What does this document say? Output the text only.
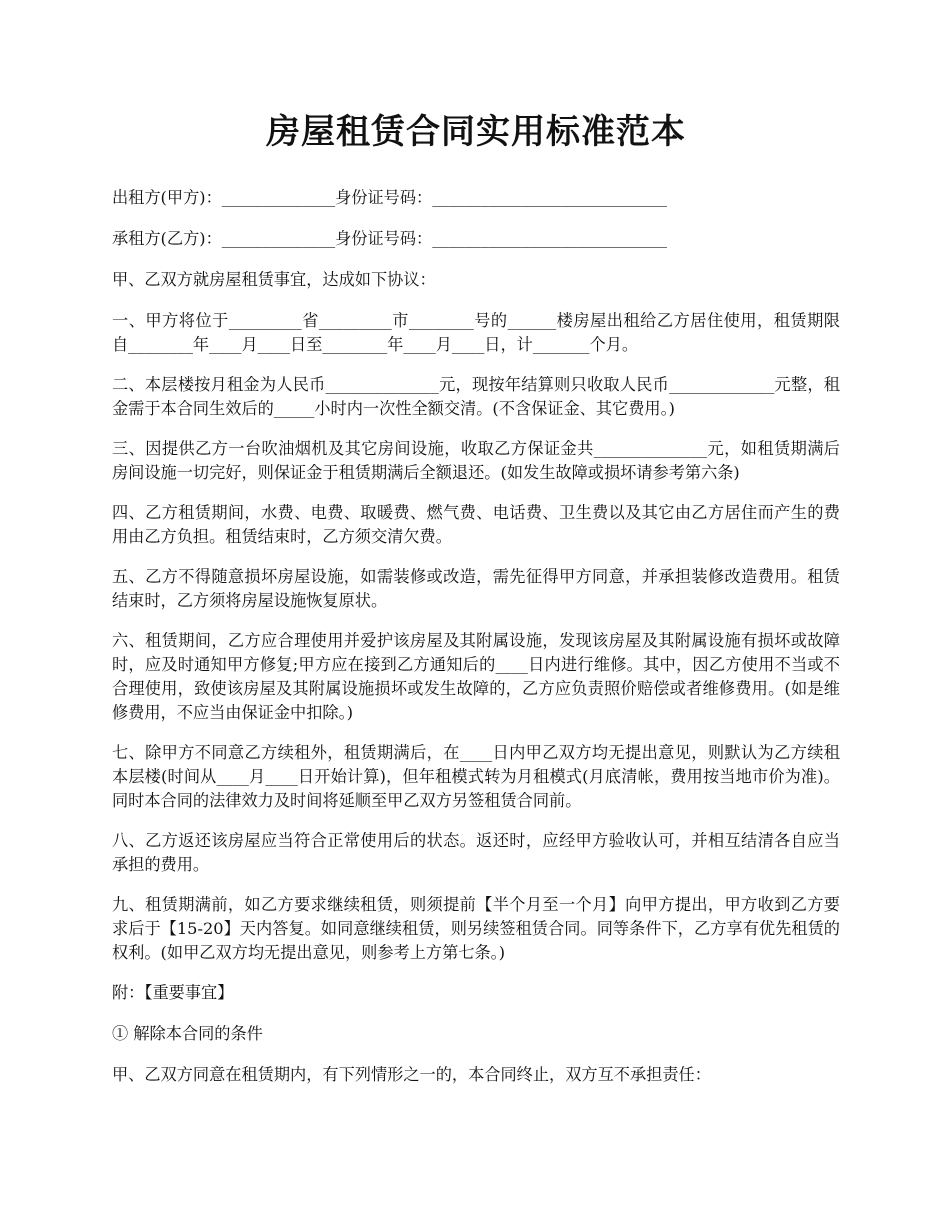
房屋租赁合同实用标准范本

出租方(甲方)：______________身份证号码：_____________________________

承租方(乙方)：______________身份证号码：_____________________________

甲、乙双方就房屋租赁事宜，达成如下协议：

一、甲方将位于_________省_________市________号的______楼房屋出租给乙方居住使用，租赁期限自________年____月____日至________年____月____日，计_______个月。

二、本层楼按月租金为人民币______________元，现按年结算则只收取人民币_____________元整，租金需于本合同生效后的_____小时内一次性全额交清。(不含保证金、其它费用。)

三、因提供乙方一台吹油烟机及其它房间设施，收取乙方保证金共______________元，如租赁期满后房间设施一切完好，则保证金于租赁期满后全额退还。(如发生故障或损坏请参考第六条)

四、乙方租赁期间，水费、电费、取暖费、燃气费、电话费、卫生费以及其它由乙方居住而产生的费用由乙方负担。租赁结束时，乙方须交清欠费。

五、乙方不得随意损坏房屋设施，如需装修或改造，需先征得甲方同意，并承担装修改造费用。租赁结束时，乙方须将房屋设施恢复原状。

六、租赁期间，乙方应合理使用并爱护该房屋及其附属设施，发现该房屋及其附属设施有损坏或故障时，应及时通知甲方修复;甲方应在接到乙方通知后的____日内进行维修。其中，因乙方使用不当或不合理使用，致使该房屋及其附属设施损坏或发生故障的，乙方应负责照价赔偿或者维修费用。(如是维修费用，不应当由保证金中扣除。)

七、除甲方不同意乙方续租外，租赁期满后，在____日内甲乙双方均无提出意见，则默认为乙方续租本层楼(时间从____月____日开始计算)，但年租模式转为月租模式(月底清帐，费用按当地市价为准)。同时本合同的法律效力及时间将延顺至甲乙双方另签租赁合同前。

八、乙方返还该房屋应当符合正常使用后的状态。返还时，应经甲方验收认可，并相互结清各自应当承担的费用。

九、租赁期满前，如乙方要求继续租赁，则须提前【半个月至一个月】向甲方提出，甲方收到乙方要求后于【15-20】天内答复。如同意继续租赁，则另续签租赁合同。同等条件下，乙方享有优先租赁的权利。(如甲乙双方均无提出意见，则参考上方第七条。)

附：【重要事宜】

① 解除本合同的条件

甲、乙双方同意在租赁期内，有下列情形之一的，本合同终止，双方互不承担责任：
